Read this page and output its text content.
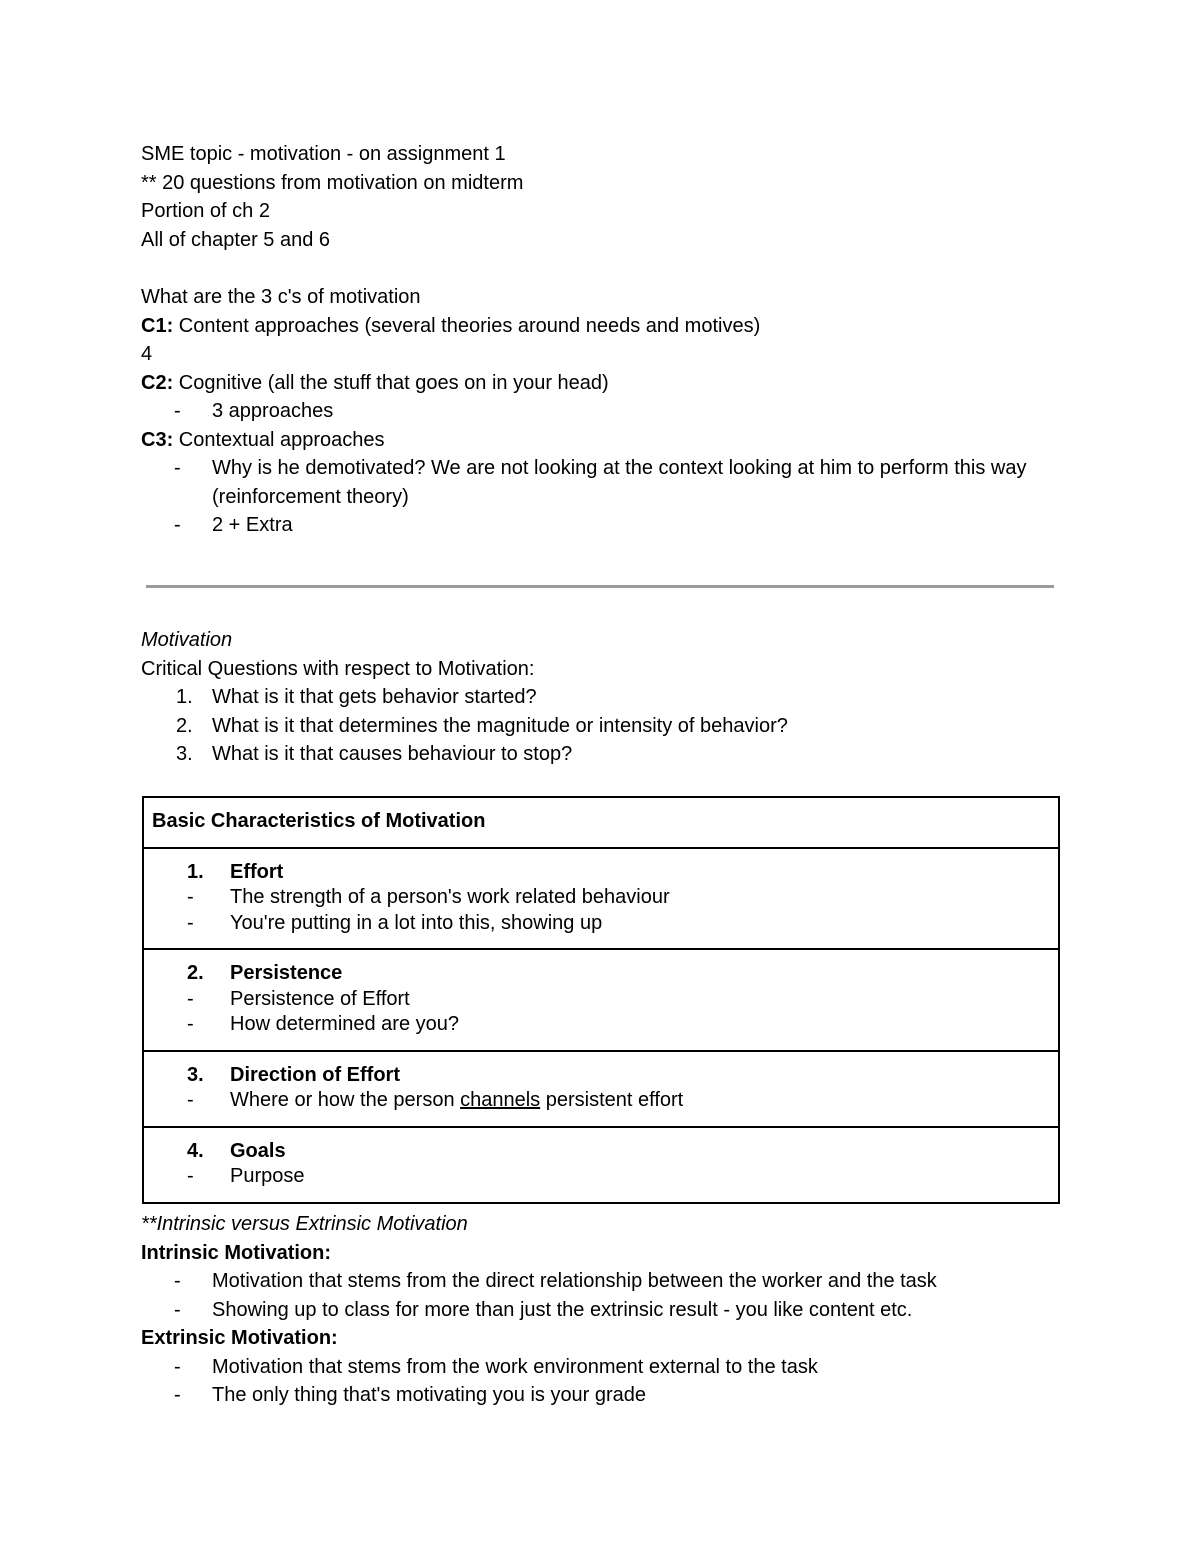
SME topic - motivation - on assignment 1
** 20 questions from motivation on midterm
Portion of ch 2
All of chapter 5 and 6
What are the 3 c's of motivation
C1: Content approaches (several theories around needs and motives)
4
C2: Cognitive (all the stuff that goes on in your head)
- 3 approaches
C3: Contextual approaches
- Why is he demotivated? We are not looking at the context looking at him to perform this way (reinforcement theory)
- 2 + Extra
Motivation
Critical Questions with respect to Motivation:
1. What is it that gets behavior started?
2. What is it that determines the magnitude or intensity of behavior?
3. What is it that causes behaviour to stop?
Basic Characteristics of Motivation

1. Effort
- The strength of a person's work related behaviour
- You're putting in a lot into this, showing up

2. Persistence
- Persistence of Effort
- How determined are you?

3. Direction of Effort
- Where or how the person channels persistent effort

4. Goals
- Purpose
**Intrinsic versus Extrinsic Motivation
Intrinsic Motivation:
- Motivation that stems from the direct relationship between the worker and the task
- Showing up to class for more than just the extrinsic result - you like content etc.
Extrinsic Motivation:
- Motivation that stems from the work environment external to the task
- The only thing that's motivating you is your grade
